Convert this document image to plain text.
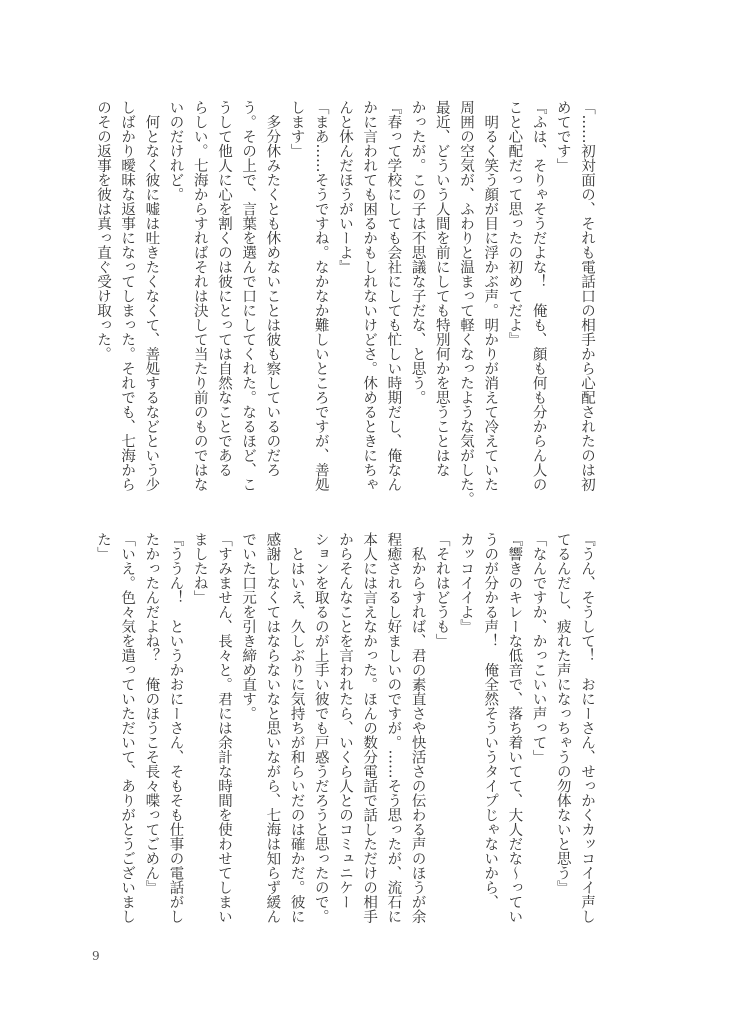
「……初対面の、それも電話口の相手から心配されたのは初
めてです」
『ふは、そりゃそうだよな！　俺も、顔も何も分からん人の
こと心配だって思ったの初めてだよ』
　明るく笑う顔が目に浮かぶ声。明かりが消えて冷えていた
周囲の空気が、ふわりと温まって軽くなったような気がした。
最近、どういう人間を前にしても特別何かを思うことはな
かったが。この子は不思議な子だな、と思う。
『春って学校にしても会社にしても忙しい時期だし、俺なん
かに言われても困るかもしれないけどさ。休めるときにちゃ
んと休んだほうがいーよ』
「まあ……そうですね。なかなか難しいところですが、善処
します」
　多分休みたくとも休めないことは彼も察しているのだろ
う。その上で、言葉を選んで口にしてくれた。なるほど、こ
うして他人に心を割くのは彼にとっては自然なことである
らしい。七海からすればそれは決して当たり前のものではな
いのだけれど。
　何となく彼に嘘は吐きたくなくて、善処するなどという少
しばかり曖昧な返事になってしまった。それでも、七海から
のその返事を彼は真っ直ぐ受け取った。
『うん、そうして！　おにーさん、せっかくカッコイイ声し
てるんだし、疲れた声になっちゃうの勿体ないと思う』
「なんですか、かっこいい声って」
『響きのキレーな低音で、落ち着いてて、大人だな〜ってい
うのが分かる声！　俺全然そういうタイプじゃないから、
カッコイイよ』
「それはどうも」
　私からすれば、君の素直さや快活さの伝わる声のほうが余
程癒されるし好ましいのですが。……そう思ったが、流石に
本人には言えなかった。ほんの数分電話で話しただけの相手
からそんなことを言われたら、いくら人とのコミュニケー
ションを取るのが上手い彼でも戸惑うだろうと思ったので。
　とはいえ、久しぶりに気持ちが和らいだのは確かだ。彼に
感謝しなくてはならないなと思いながら、七海は知らず緩ん
でいた口元を引き締め直す。
「すみません、長々と。君には余計な時間を使わせてしまい
ましたね」
『ううん！　というかおにーさん、そもそも仕事の電話がし
たかったんだよね？　俺のほうこそ長々喋ってごめん』
「いえ。色々気を遣っていただいて、ありがとうございまし
た」
9
